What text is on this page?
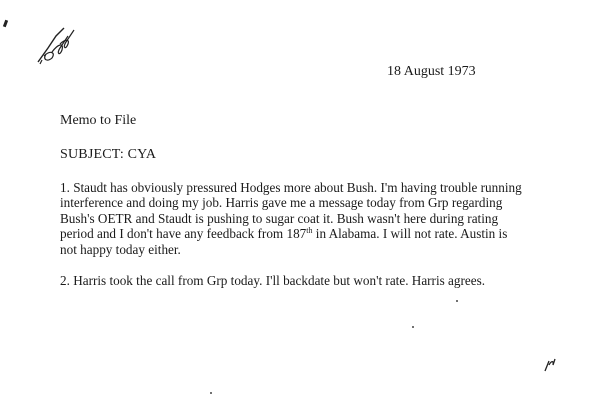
18 August 1973
Memo to File
SUBJECT: CYA
1. Staudt has obviously pressured Hodges more about Bush. I'm having trouble running
interference and doing my job. Harris gave me a message today from Grp regarding
Bush's OETR and Staudt is pushing to sugar coat it. Bush wasn't here during rating
period and I don't have any feedback from 187th in Alabama. I will not rate. Austin is
not happy today either.
2. Harris took the call from Grp today. I'll backdate but won't rate. Harris agrees.
